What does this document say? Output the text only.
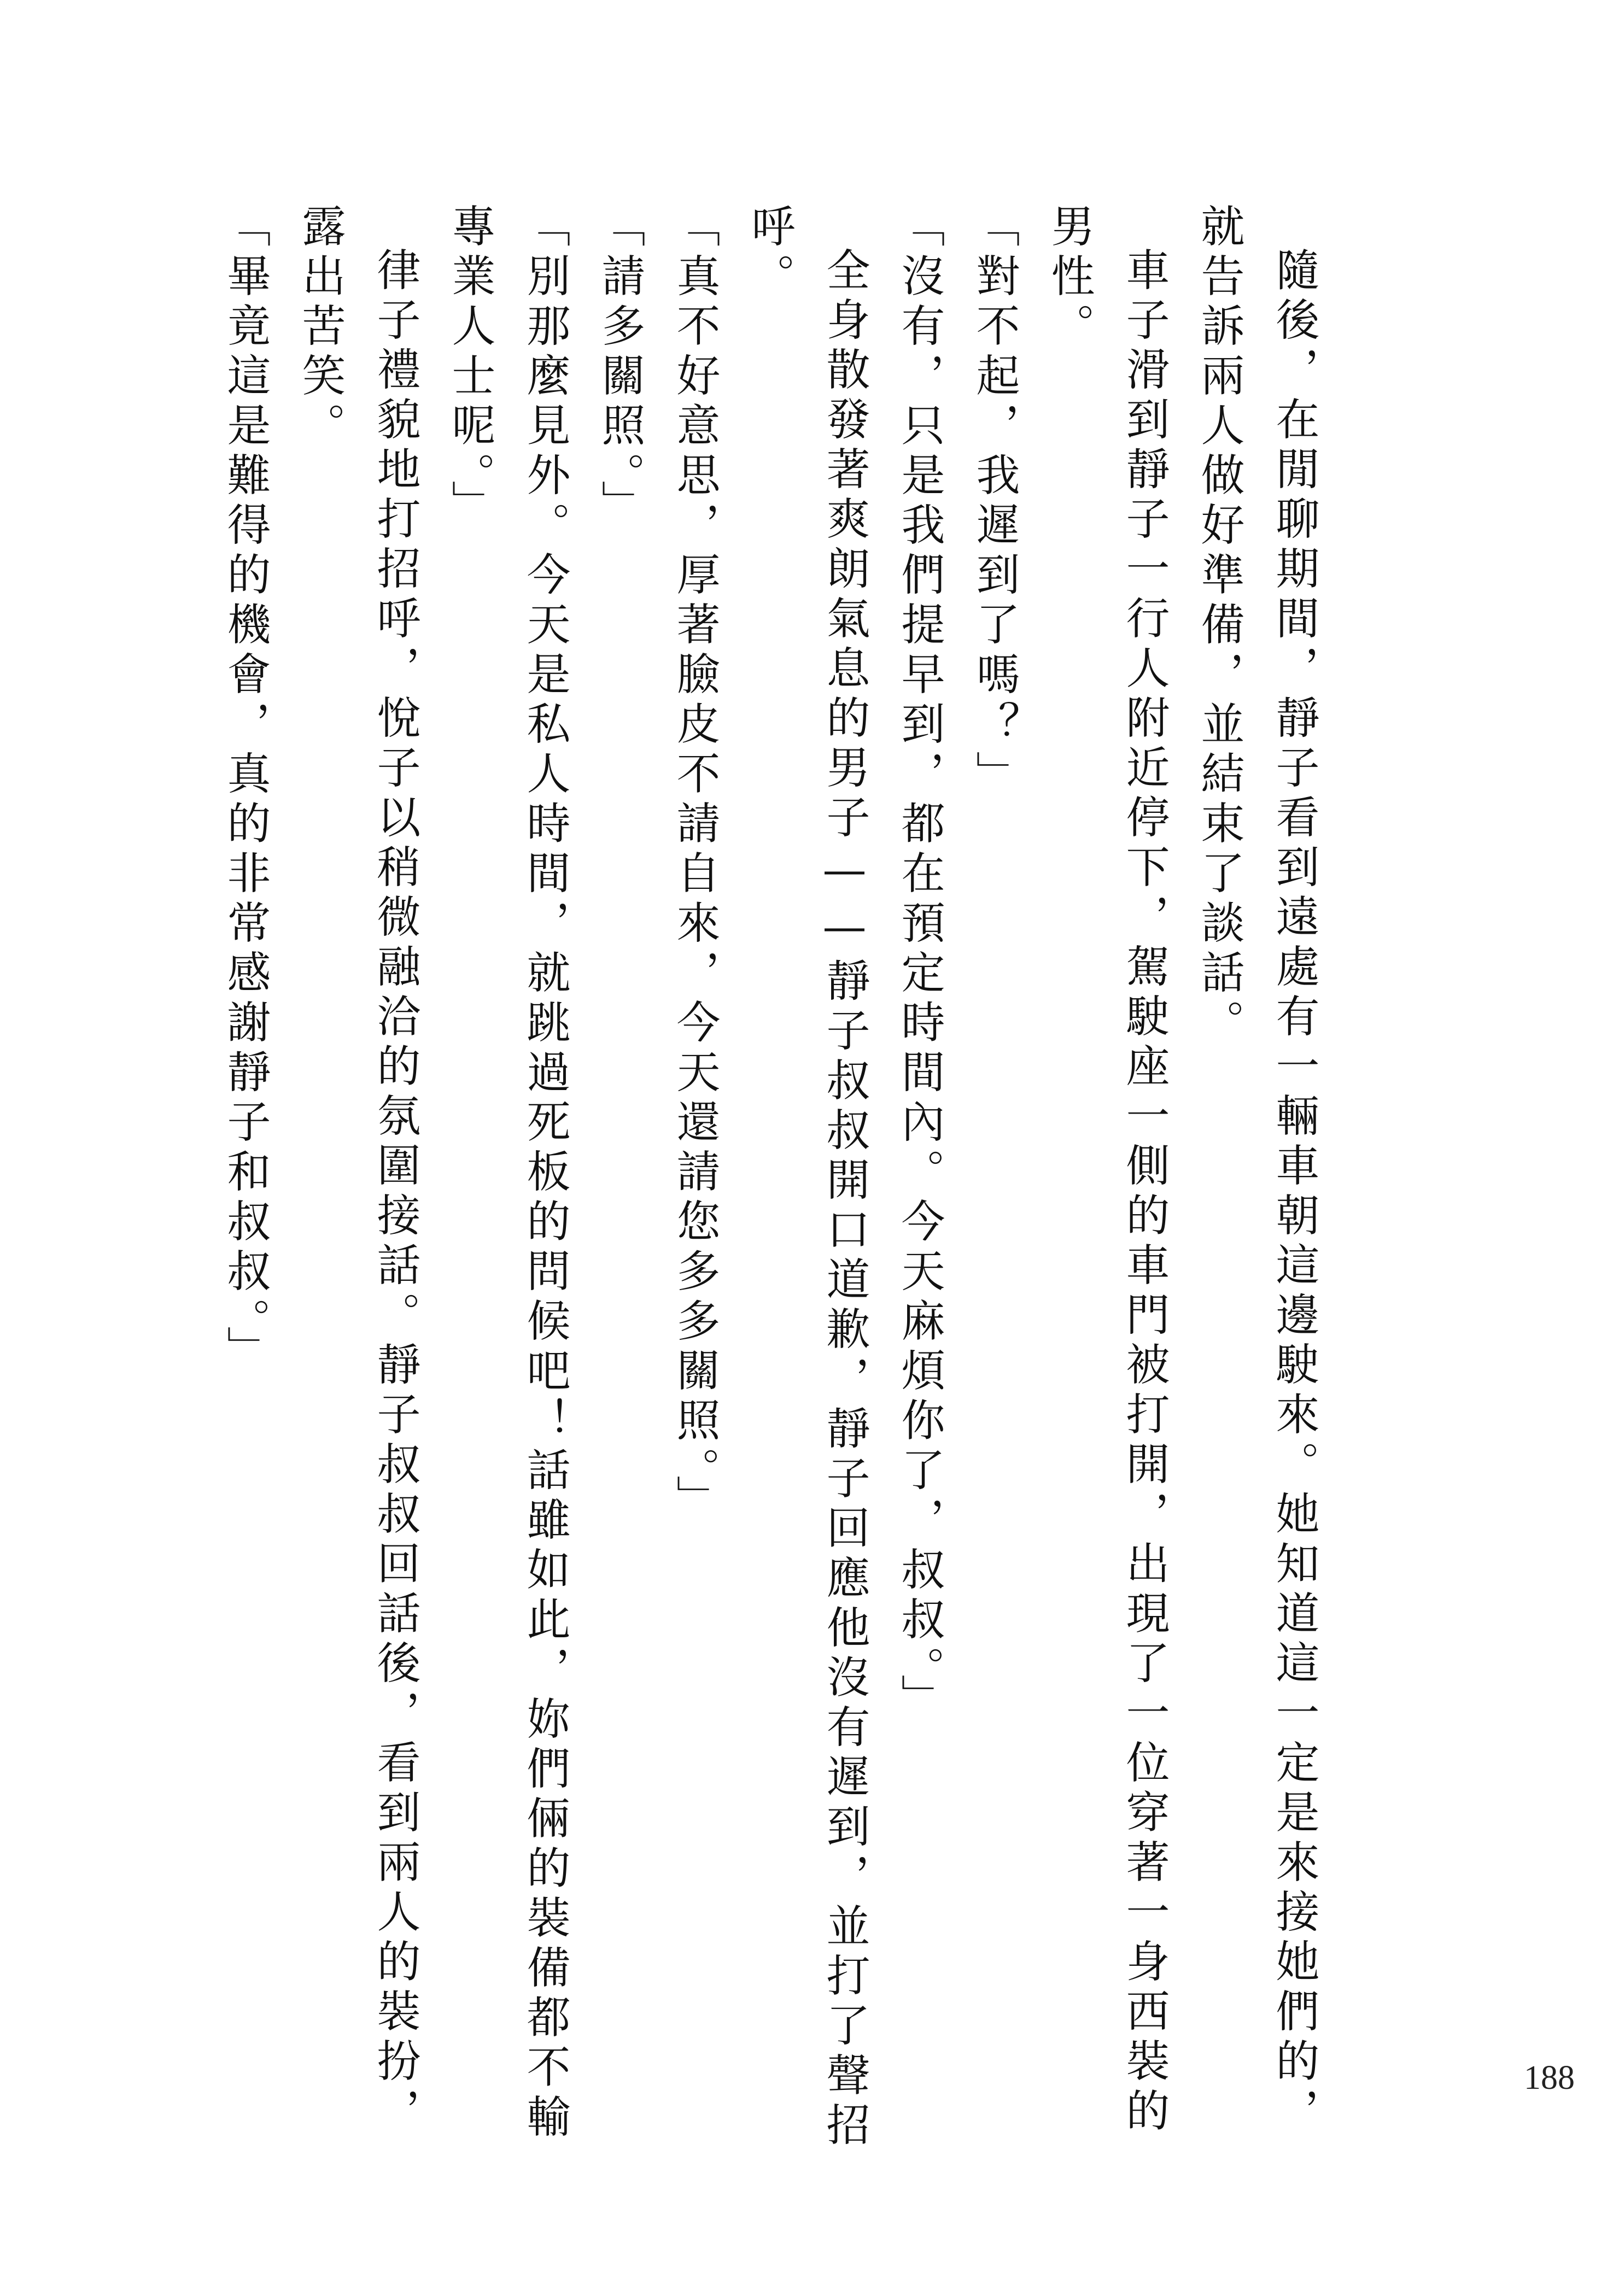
隨後，在閒聊期間，靜子看到遠處有一輛車朝這邊駛來。她知道這一定是來接她們的，
就告訴兩人做好準備，並結束了談話。
車子滑到靜子一行人附近停下，駕駛座一側的車門被打開，出現了一位穿著一身西裝的
男性。
「對不起，我遲到了嗎？」
「沒有，只是我們提早到，都在預定時間內。今天麻煩你了，叔叔。」
全身散發著爽朗氣息的男子——靜子叔叔開口道歉，靜子回應他沒有遲到，並打了聲招
呼。
「真不好意思，厚著臉皮不請自來，今天還請您多多關照。」
「請多關照。」
「別那麼見外。今天是私人時間，就跳過死板的問候吧！話雖如此，妳們倆的裝備都不輸
專業人士呢。」
律子禮貌地打招呼，悅子以稍微融洽的氛圍接話。靜子叔叔回話後，看到兩人的裝扮，
露出苦笑。
「畢竟這是難得的機會，真的非常感謝靜子和叔叔。」
188
